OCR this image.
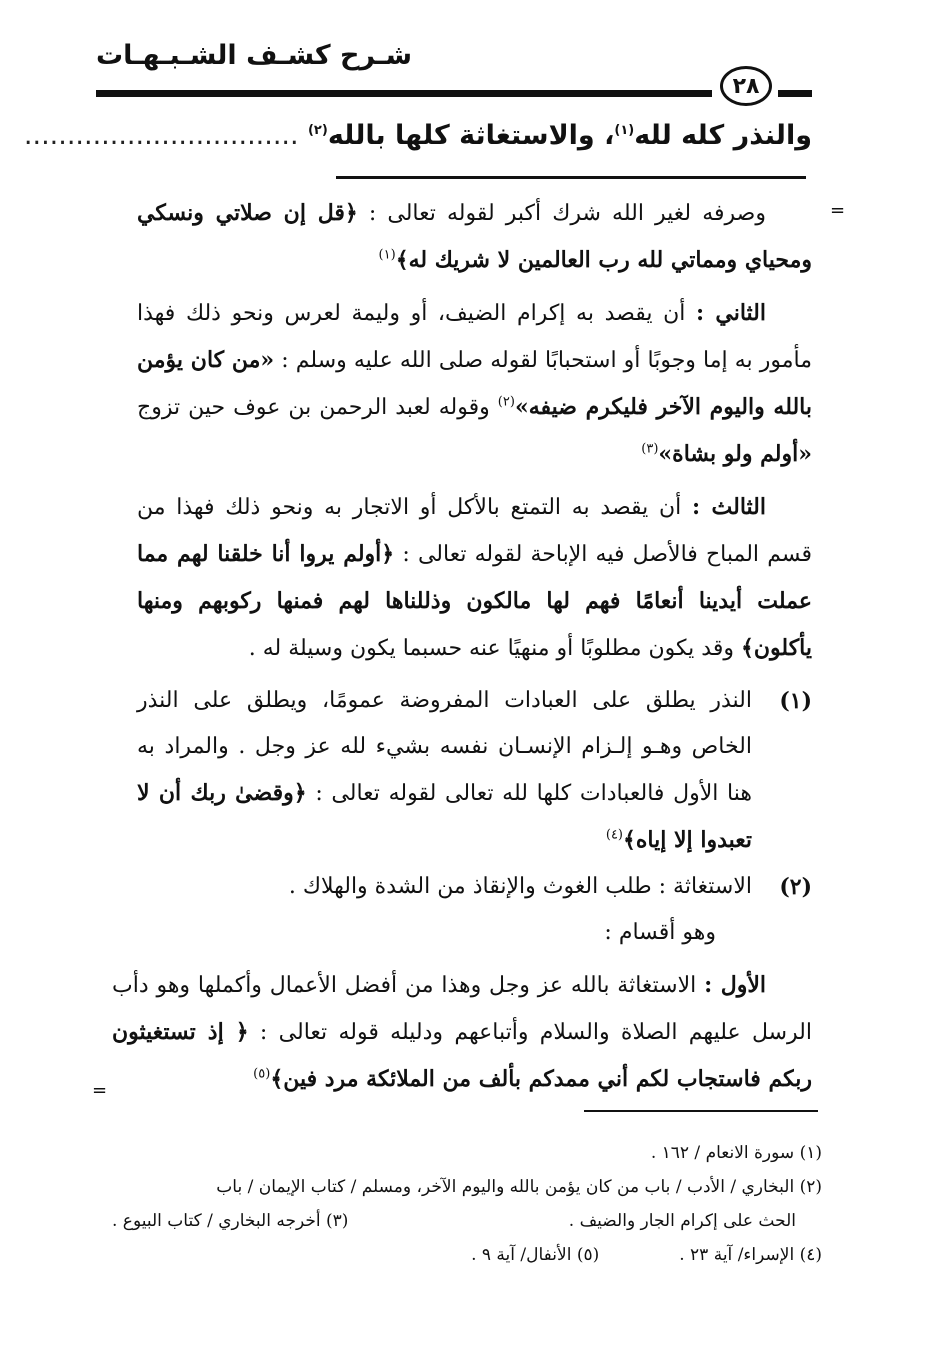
شـرح كشـف الشـبـهـات
٢٨
والنذر كله لله$^{(١)}$، والاستغاثة كلها بالله$^{(٢)}$ ................................
=

وصرفه لغير الله شرك أكبر لقوله تعالى : ﴿قل إن صلاتي ونسكي ومحياي ومماتي لله رب العالمين لا شريك له﴾$^{(١)}$

الثاني : أن يقصد به إكرام الضيف، أو وليمة لعرس ونحو ذلك فهذا مأمور به إما وجوبًا أو استحبابًا لقوله صلى الله عليه وسلم : «من كان يؤمن بالله واليوم الآخر فليكرم ضيفه»$^{(٢)}$ وقوله لعبد الرحمن بن عوف حين تزوج «أولم ولو بشاة»$^{(٣)}$

الثالث : أن يقصد به التمتع بالأكل أو الاتجار به ونحو ذلك فهذا من قسم المباح فالأصل فيه الإباحة لقوله تعالى : ﴿أولم يروا أنا خلقنا لهم مما عملت أيدينا أنعامًا فهم لها مالكون وذللناها لهم فمنها ركوبهم ومنها يأكلون﴾ وقد يكون مطلوبًا أو منهيًا عنه حسبما يكون وسيلة له .

(١)
النذر يطلق على العبادات المفروضة عمومًا، ويطلق على النذر الخاص وهـو إلـزام الإنسـان نفسه بشيء لله عز وجل . والمراد به هنا الأول فالعبادات كلها لله تعالى لقوله تعالى : ﴿وقضىٰ ربك أن لا تعبدوا إلا إياه﴾$^{(٤)}$
(٢)
الاستغاثة : طلب الغوث والإنقاذ من الشدة والهلاك .

وهو أقسام :

الأول : الاستغاثة بالله عز وجل وهذا من أفضل الأعمال وأكملها وهو دأب الرسل عليهم الصلاة والسلام وأتباعهم ودليله قوله تعالى : ﴿ إذ تستغيثون ربكم فاستجاب لكم أني ممدكم بألف من الملائكة مرد فين﴾$^{(٥)}$

=
(١) سورة الانعام / ١٦٢ .
(٢) البخاري / الأدب / باب من كان يؤمن بالله واليوم الآخر، ومسلم / كتاب الإيمان / باب
الحث على إكرام الجار والضيف .
(٣) أخرجه البخاري / كتاب البيوع .
(٤) الإسراء/ آية ٢٣ .(٥) الأنفال/ آية ٩ .
